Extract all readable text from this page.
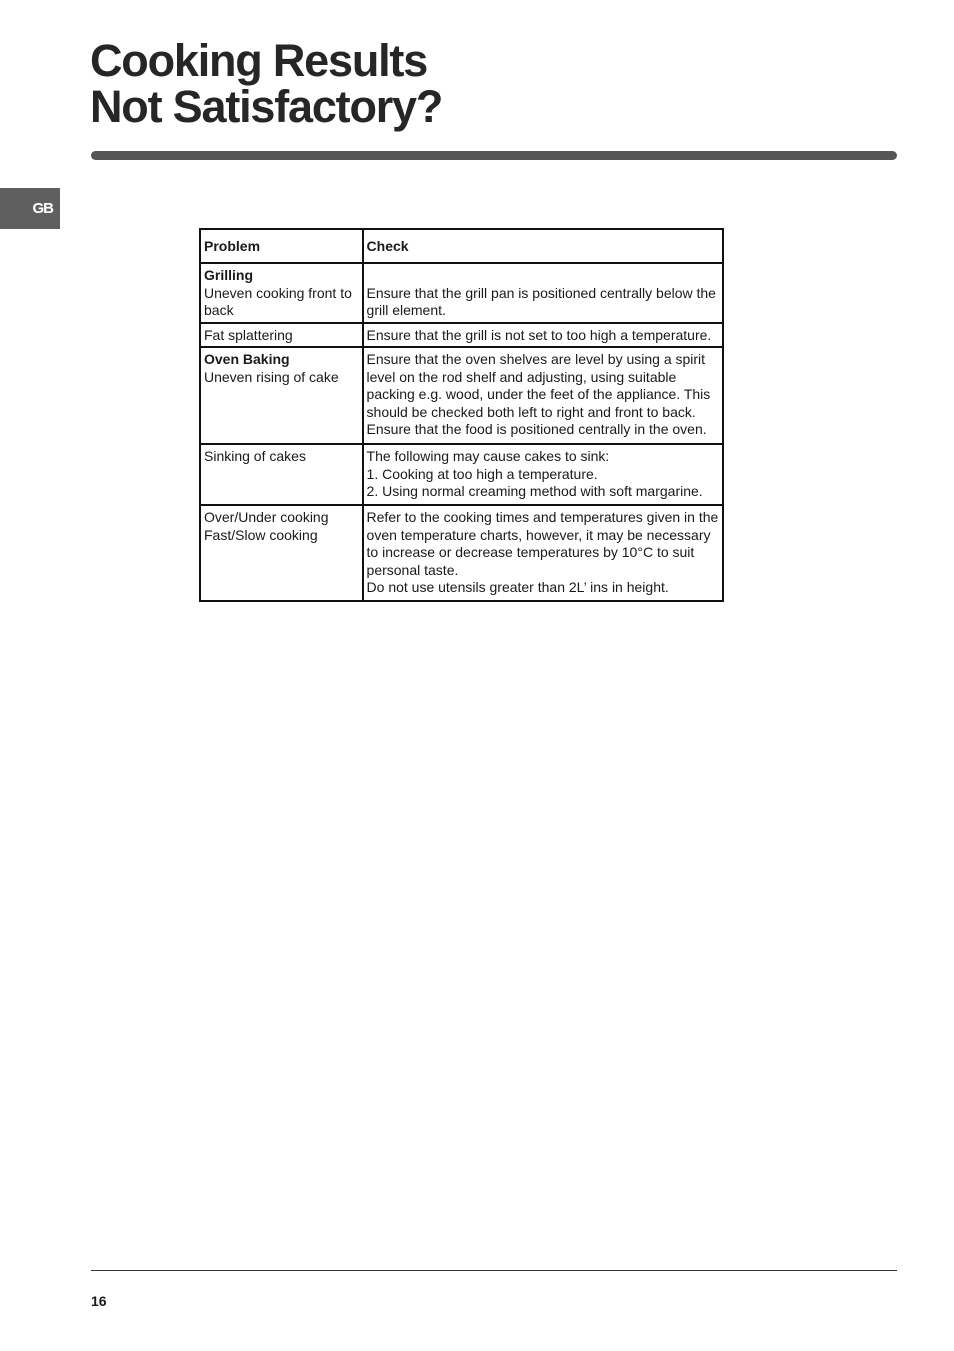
Cooking Results
Not Satisfactory?
GB
Problem	Check

Grilling
Uneven cooking front to back	Ensure that the grill pan is positioned centrally below the grill element.

Fat splattering	Ensure that the grill is not set to too high a temperature.

Oven Baking
Uneven rising of cake	Ensure that the oven shelves are level by using a spirit level on the rod shelf and adjusting, using suitable packing e.g. wood, under the feet of the appliance. This should be checked both left to right and front to back.
Ensure that the food is positioned centrally in the oven.

Sinking of cakes	The following may cause cakes to sink:
1. Cooking at too high a temperature.
2. Using normal creaming method with soft margarine.

Over/Under cooking
Fast/Slow cooking	Refer to the cooking times and temperatures given in the oven temperature charts, however, it may be necessary to increase or decrease temperatures by 10°C to suit personal taste.
Do not use utensils greater than 2L’ ins in height.
16
